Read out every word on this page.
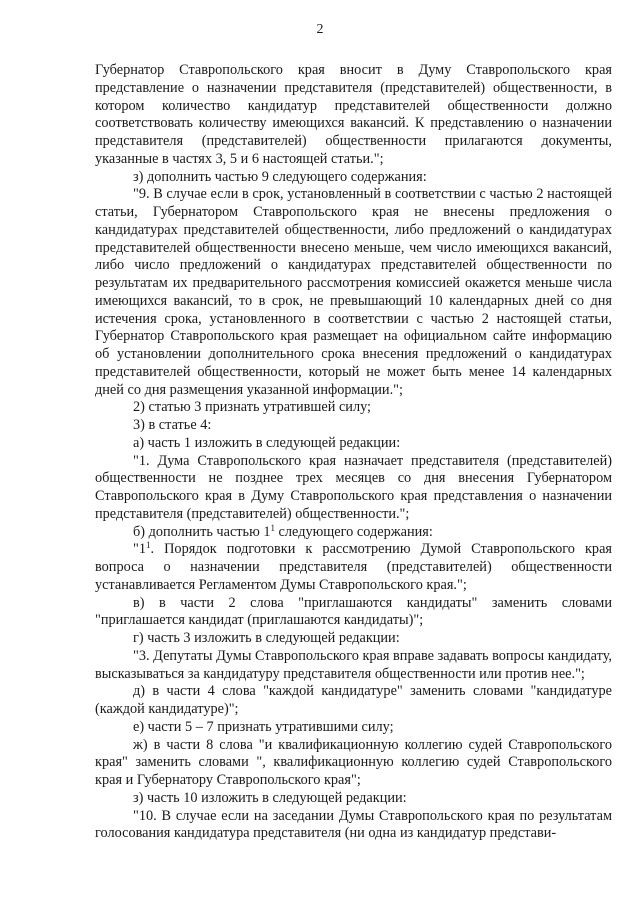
2

Губернатор Ставропольского края вносит в Думу Ставропольского края представление о назначении представителя (представителей) общественности, в котором количество кандидатур представителей общественности должно соответствовать количеству имеющихся вакансий. К представлению о назначении представителя (представителей) общественности прилагаются документы, указанные в частях 3, 5 и 6 настоящей статьи.";

з) дополнить частью 9 следующего содержания:

"9. В случае если в срок, установленный в соответствии с частью 2 настоящей статьи, Губернатором Ставропольского края не внесены предложения о кандидатурах представителей общественности, либо предложений о кандидатурах представителей общественности внесено меньше, чем число имеющихся вакансий, либо число предложений о кандидатурах представителей общественности по результатам их предварительного рассмотрения комиссией окажется меньше числа имеющихся вакансий, то в срок, не превышающий 10 календарных дней со дня истечения срока, установленного в соответствии с частью 2 настоящей статьи, Губернатор Ставропольского края размещает на официальном сайте информацию об установлении дополнительного срока внесения предложений о кандидатурах представителей общественности, который не может быть менее 14 календарных дней со дня размещения указанной информации.";

2) статью 3 признать утратившей силу;

3) в статье 4:

а) часть 1 изложить в следующей редакции:

"1. Дума Ставропольского края назначает представителя (представителей) общественности не позднее трех месяцев со дня внесения Губернатором Ставропольского края в Думу Ставропольского края представления о назначении представителя (представителей) общественности.";

б) дополнить частью $1^1$ следующего содержания:

"$1^1$. Порядок подготовки к рассмотрению Думой Ставропольского края вопроса о назначении представителя (представителей) общественности устанавливается Регламентом Думы Ставропольского края.";

в) в части 2 слова "приглашаются кандидаты" заменить словами "приглашается кандидат (приглашаются кандидаты)";

г) часть 3 изложить в следующей редакции:

"3. Депутаты Думы Ставропольского края вправе задавать вопросы кандидату, высказываться за кандидатуру представителя общественности или против нее.";

д) в части 4 слова "каждой кандидатуре" заменить словами "кандидатуре (каждой кандидатуре)";

е) части 5 – 7 признать утратившими силу;

ж) в части 8 слова "и квалификационную коллегию судей Ставропольского края" заменить словами ", квалификационную коллегию судей Ставропольского края и Губернатору Ставропольского края";

з) часть 10 изложить в следующей редакции:

"10. В случае если на заседании Думы Ставропольского края по результатам голосования кандидатура представителя (ни одна из кандидатур представи-
